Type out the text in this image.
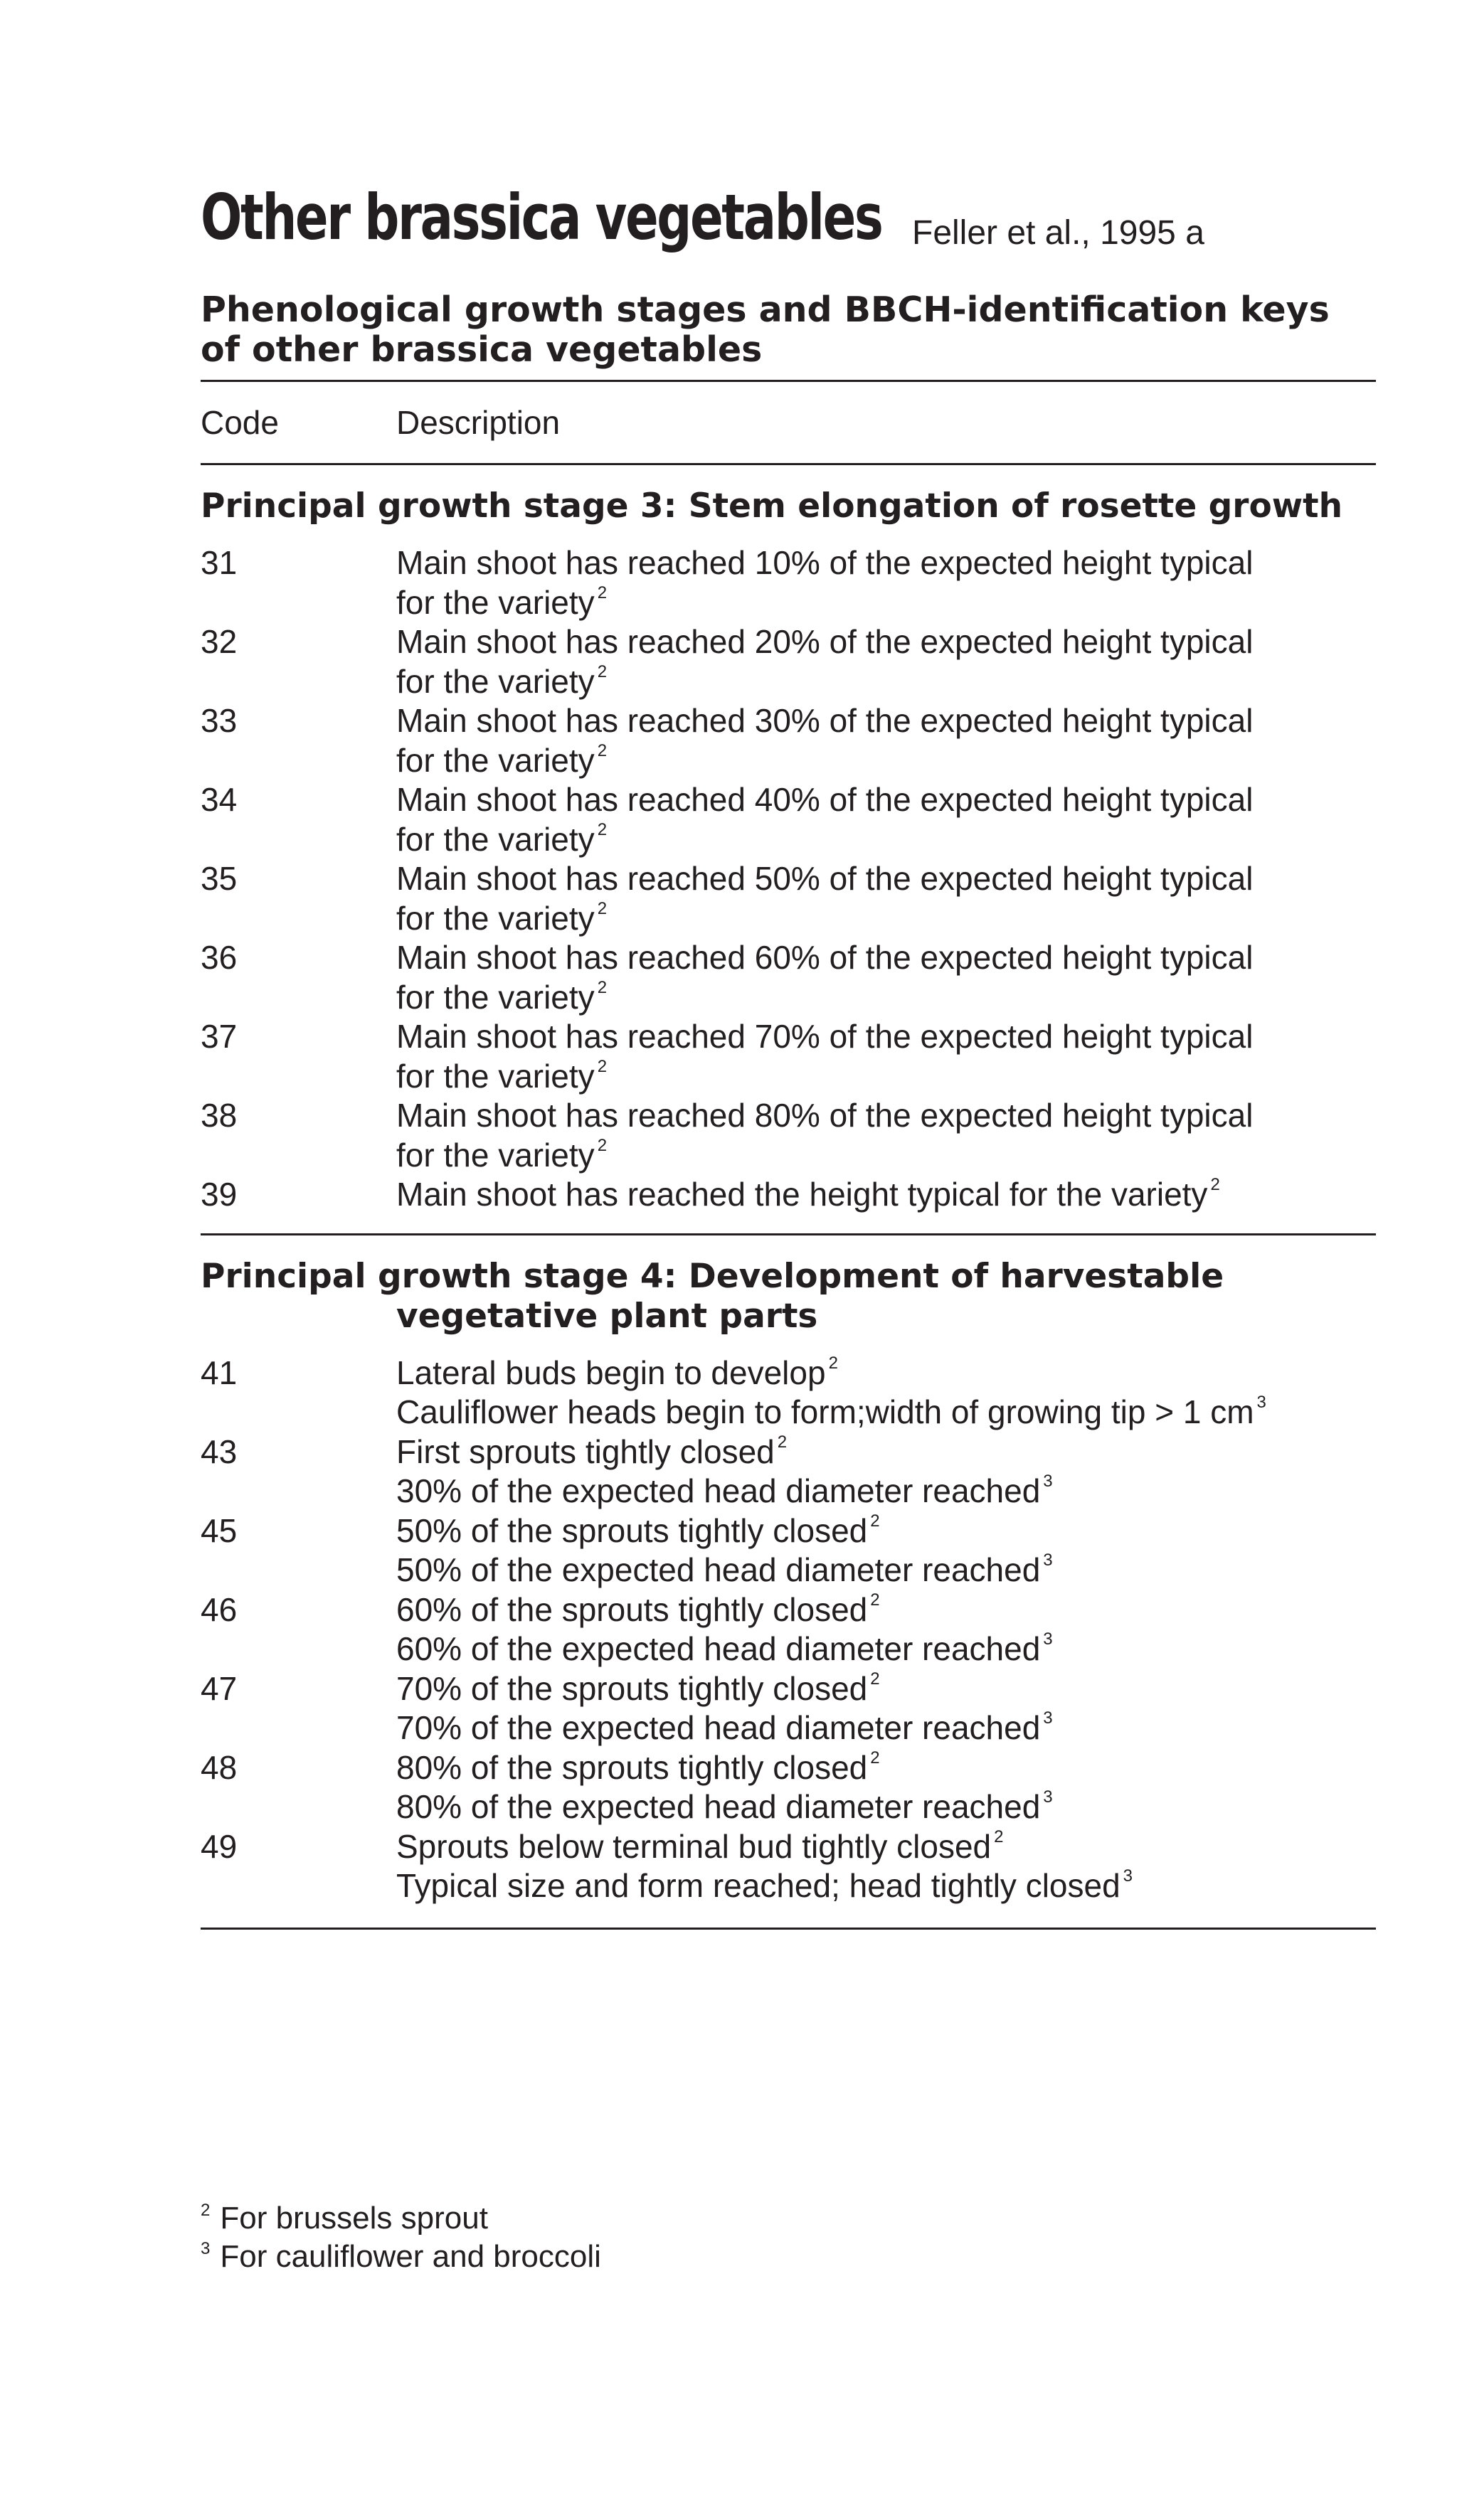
Other brassica vegetables Feller et al., 1995 a
Phenological growth stages and BBCH-identification keys of other brassica vegetables
Code	Description
Principal growth stage 3: Stem elongation of rosette growth
31	Main shoot has reached 10% of the expected height typical
for the variety $^2$
32	Main shoot has reached 20% of the expected height typical
for the variety $^2$
33	Main shoot has reached 30% of the expected height typical
for the variety $^2$
34	Main shoot has reached 40% of the expected height typical
for the variety $^2$
35	Main shoot has reached 50% of the expected height typical
for the variety $^2$
36	Main shoot has reached 60% of the expected height typical
for the variety $^2$
37	Main shoot has reached 70% of the expected height typical
for the variety $^2$
38	Main shoot has reached 80% of the expected height typical
for the variety $^2$
39	Main shoot has reached the height typical for the variety $^2$
Principal growth stage 4: Development of harvestable
vegetative plant parts
41	Lateral buds begin to develop $^2$
Cauliflower heads begin to form;width of growing tip > 1 cm $^3$
43	First sprouts tightly closed $^2$
30% of the expected head diameter reached $^3$
45	50% of the sprouts tightly closed $^2$
50% of the expected head diameter reached $^3$
46	60% of the sprouts tightly closed $^2$
60% of the expected head diameter reached $^3$
47	70% of the sprouts tightly closed $^2$
70% of the expected head diameter reached $^3$
48	80% of the sprouts tightly closed $^2$
80% of the expected head diameter reached $^3$
49	Sprouts below terminal bud tightly closed $^2$
Typical size and form reached; head tightly closed $^3$
$^2$ For brussels sprout
$^3$ For cauliflower and broccoli
